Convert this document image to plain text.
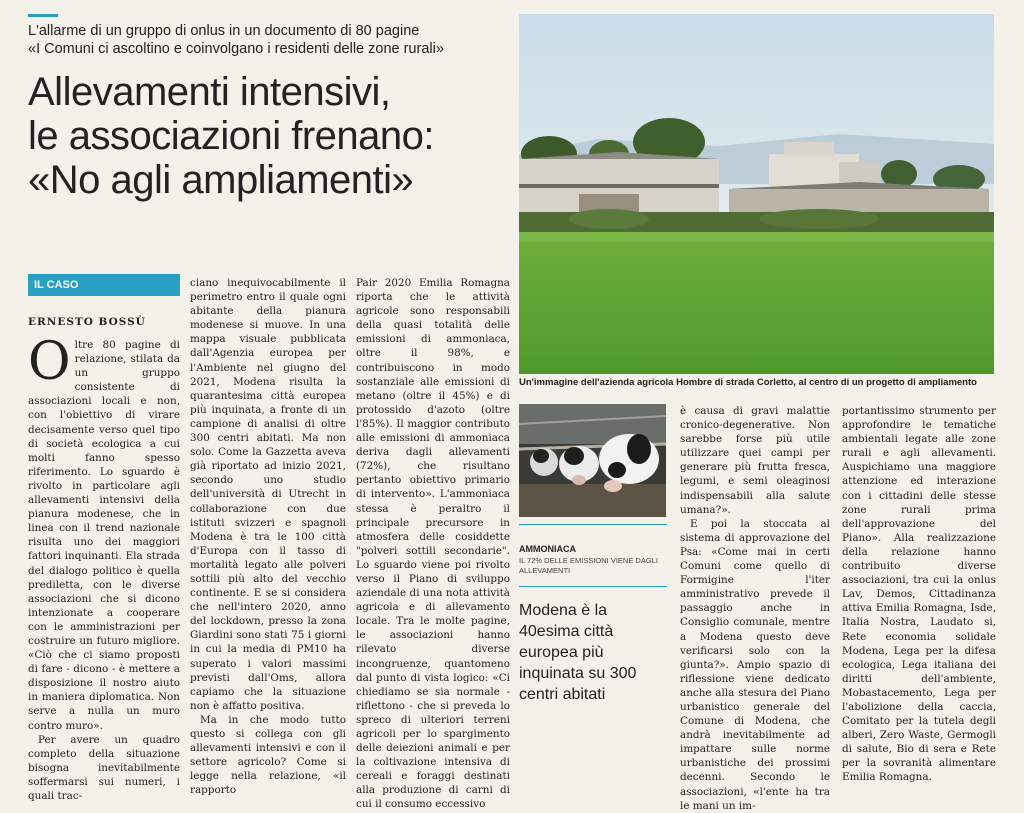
L'allarme di un gruppo di onlus in un documento di 80 pagine
«I Comuni ci ascoltino e coinvolgano i residenti delle zone rurali»
Allevamenti intensivi,
le associazioni frenano:
«No agli ampliamenti»
IL CASO
ERNESTO BOSSÙ
O ltre 80 pagine di relazione, stilata da un gruppo consistente di associazioni locali e non, con l'obiettivo di virare decisamente verso quel tipo di società ecologica a cui molti fanno spesso riferimento. Lo sguardo è rivolto in particolare agli allevamenti intensivi della pianura modenese, che in linea con il trend nazionale risulta uno dei maggiori fattori inquinanti. Ela strada del dialogo politico è quella prediletta, con le diverse associazioni che si dicono intenzionate a cooperare con le amministrazioni per costruire un futuro migliore. «Ciò che ci siamo proposti di fare - dicono - è mettere a disposizione il nostro aiuto in maniera diplomatica. Non serve a nulla un muro contro muro».

Per avere un quadro completo della situazione bisogna inevitabilmente soffermarsi sui numeri, i quali trac-

ciano inequivocabilmente il perimetro entro il quale ogni abitante della pianura modenese si muove. In una mappa visuale pubblicata dall'Agenzia europea per l'Ambiente nel giugno del 2021, Modena risulta la quarantesima città europea più inquinata, a fronte di un campione di analisi di oltre 300 centri abitati. Ma non solo. Come la Gazzetta aveva già riportato ad inizio 2021, secondo uno studio dell'università di Utrecht in collaborazione con due istituti svizzeri e spagnoli Modena è tra le 100 città d'Europa con il tasso di mortalità legato alle polveri sottili più alto del vecchio continente. E se si considera che nell'intero 2020, anno del lockdown, presso la zona Giardini sono stati 75 i giorni in cui la media di PM10 ha superato i valori massimi previsti dall'Oms, allora capiamo che la situazione non è affatto positiva.

Ma in che modo tutto questo si collega con gli allevamenti intensivi e con il settore agricolo? Come si legge nella relazione, «il rapporto

Pair 2020 Emilia Romagna riporta che le attività agricole sono responsabili della quasi totalità delle emissioni di ammoniaca, oltre il 98%, e contribuiscono in modo sostanziale alle emissioni di metano (oltre il 45%) e di protossido d'azoto (oltre l'85%). Il maggior contributo alle emissioni di ammoniaca deriva dagli allevamenti (72%), che risultano pertanto obiettivo primario di intervento». L'ammoniaca stessa è peraltro il principale precursore in atmosfera delle cosiddette "polveri sottili secondarie". Lo sguardo viene poi rivolto verso il Piano di sviluppo aziendale di una nota attività agricola e di allevamento locale. Tra le molte pagine, le associazioni hanno rilevato diverse incongruenze, quantomeno dal punto di vista logico: «Ci chiediamo se sia normale - riflettono - che si preveda lo spreco di ulteriori terreni agricoli per lo spargimento delle deiezioni animali e per la coltivazione intensiva di cereali e foraggi destinati alla produzione di carni di cui il consumo eccessivo

Un'immagine dell'azienda agricola Hombre di strada Corletto, al centro di un progetto di ampliamento
AMMONIACA
IL 72% DELLE EMISSIONI VIENE DAGLI ALLEVAMENTI
Modena è la 40esima città europea più inquinata su 300 centri abitati

è causa di gravi malattie cronico-degenerative. Non sarebbe forse più utile utilizzare quei campi per generare più frutta fresca, legumi, e semi oleaginosi indispensabili alla salute umana?».

E poi la stoccata al sistema di approvazione del Psa: «Come mai in certi Comuni come quello di Formigine l'iter amministrativo prevede il passaggio anche in Consiglio comunale, mentre a Modena questo deve verificarsi solo con la giunta?». Ampio spazio di riflessione viene dedicato anche alla stesura del Piano urbanistico generale del Comune di Modena, che andrà inevitabilmente ad impattare sulle norme urbanistiche dei prossimi decenni. Secondo le associazioni, «l'ente ha tra le mani un im-

portantissimo strumento per approfondire le tematiche ambientali legate alle zone rurali e agli allevamenti. Auspichiamo una maggiore attenzione ed interazione con i cittadini delle stesse zone rurali prima dell'approvazione del Piano». Alla realizzazione della relazione hanno contribuito diverse associazioni, tra cui la onlus Lav, Demos, Cittadinanza attiva Emilia Romagna, Isde, Italia Nostra, Laudato si, Rete economia solidale Modena, Lega per la difesa ecologica, Lega italiana dei diritti dell'ambiente, Mobastacemento, Lega per l'abolizione della caccia, Comitato per la tutela degli alberi, Zero Waste, Germogli di salute, Bio di sera e Rete per la sovranità alimentare Emilia Romagna.
